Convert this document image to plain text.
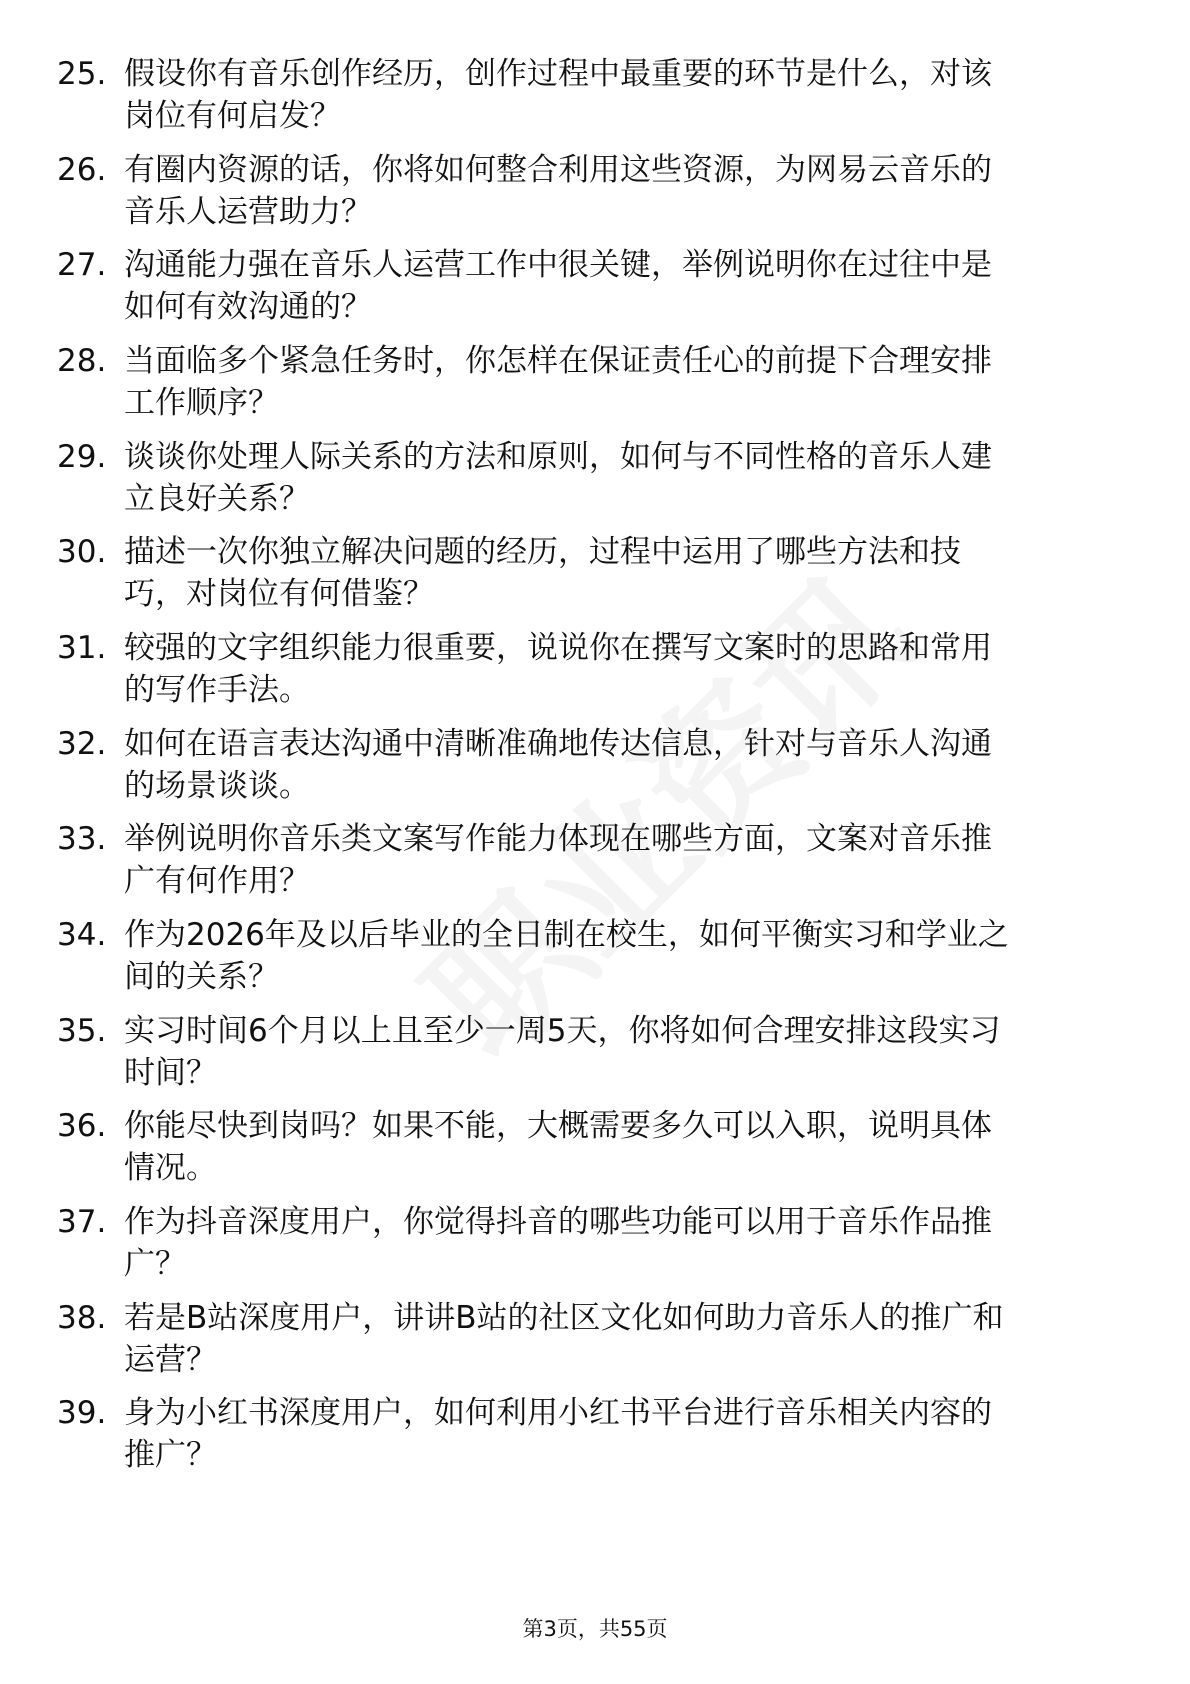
25. 假设你有音乐创作经历，创作过程中最重要的环节是什么，对该
岗位有何启发？
26. 有圈内资源的话，你将如何整合利用这些资源，为网易云音乐的
音乐人运营助力？
27. 沟通能力强在音乐人运营工作中很关键，举例说明你在过往中是
如何有效沟通的？
28. 当面临多个紧急任务时，你怎样在保证责任心的前提下合理安排
工作顺序？
29. 谈谈你处理人际关系的方法和原则，如何与不同性格的音乐人建
立良好关系？
30. 描述一次你独立解决问题的经历，过程中运用了哪些方法和技
巧，对岗位有何借鉴？
31. 较强的文字组织能力很重要，说说你在撰写文案时的思路和常用
的写作手法。
32. 如何在语言表达沟通中清晰准确地传达信息，针对与音乐人沟通
的场景谈谈。
33. 举例说明你音乐类文案写作能力体现在哪些方面，文案对音乐推
广有何作用？
34. 作为2026年及以后毕业的全日制在校生，如何平衡实习和学业之
间的关系？
35. 实习时间6个月以上且至少一周5天，你将如何合理安排这段实习
时间？
36. 你能尽快到岗吗？如果不能，大概需要多久可以入职，说明具体
情况。
37. 作为抖音深度用户，你觉得抖音的哪些功能可以用于音乐作品推
广？
38. 若是B站深度用户，讲讲B站的社区文化如何助力音乐人的推广和
运营？
39. 身为小红书深度用户，如何利用小红书平台进行音乐相关内容的
推广？
第3页，共55页
